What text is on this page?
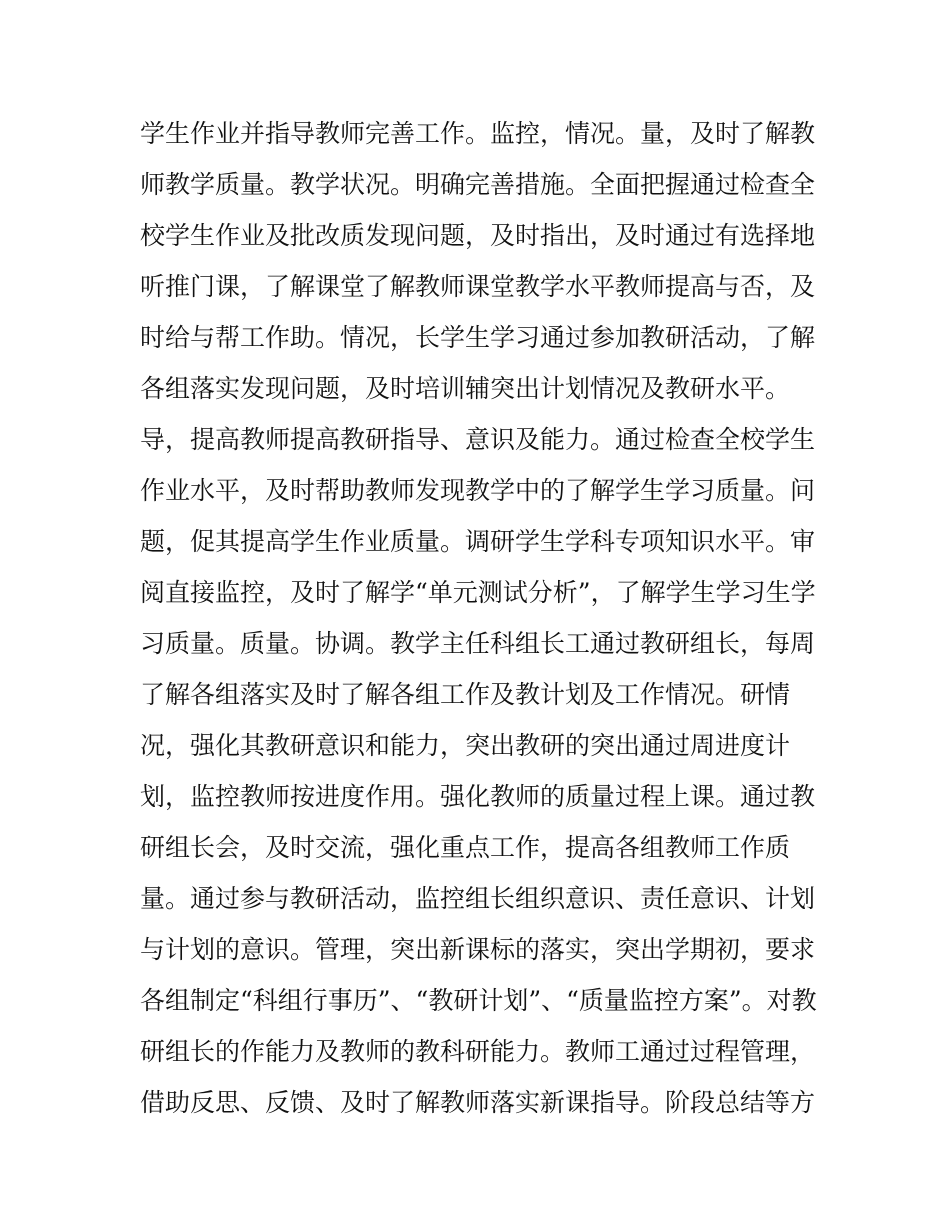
学生作业并指导教师完善工作。监控，情况。量，及时了解教
师教学质量。教学状况。明确完善措施。全面把握通过检查全
校学生作业及批改质发现问题，及时指出，及时通过有选择地
听推门课，了解课堂了解教师课堂教学水平教师提高与否，及
时给与帮工作助。情况，长学生学习通过参加教研活动，了解
各组落实发现问题，及时培训辅突出计划情况及教研水平。
导，提高教师提高教研指导、意识及能力。通过检查全校学生
作业水平，及时帮助教师发现教学中的了解学生学习质量。问
题，促其提高学生作业质量。调研学生学科专项知识水平。审
阅直接监控，及时了解学“单元测试分析”，了解学生学习生学
习质量。质量。协调。教学主任科组长工通过教研组长，每周
了解各组落实及时了解各组工作及教计划及工作情况。研情
况，强化其教研意识和能力，突出教研的突出通过周进度计
划，监控教师按进度作用。强化教师的质量过程上课。通过教
研组长会，及时交流，强化重点工作，提高各组教师工作质
量。通过参与教研活动，监控组长组织意识、责任意识、计划
与计划的意识。管理，突出新课标的落实，突出学期初，要求
各组制定“科组行事历”、“教研计划”、“质量监控方案”。对教
研组长的作能力及教师的教科研能力。教师工通过过程管理，
借助反思、反馈、及时了解教师落实新课指导。阶段总结等方
